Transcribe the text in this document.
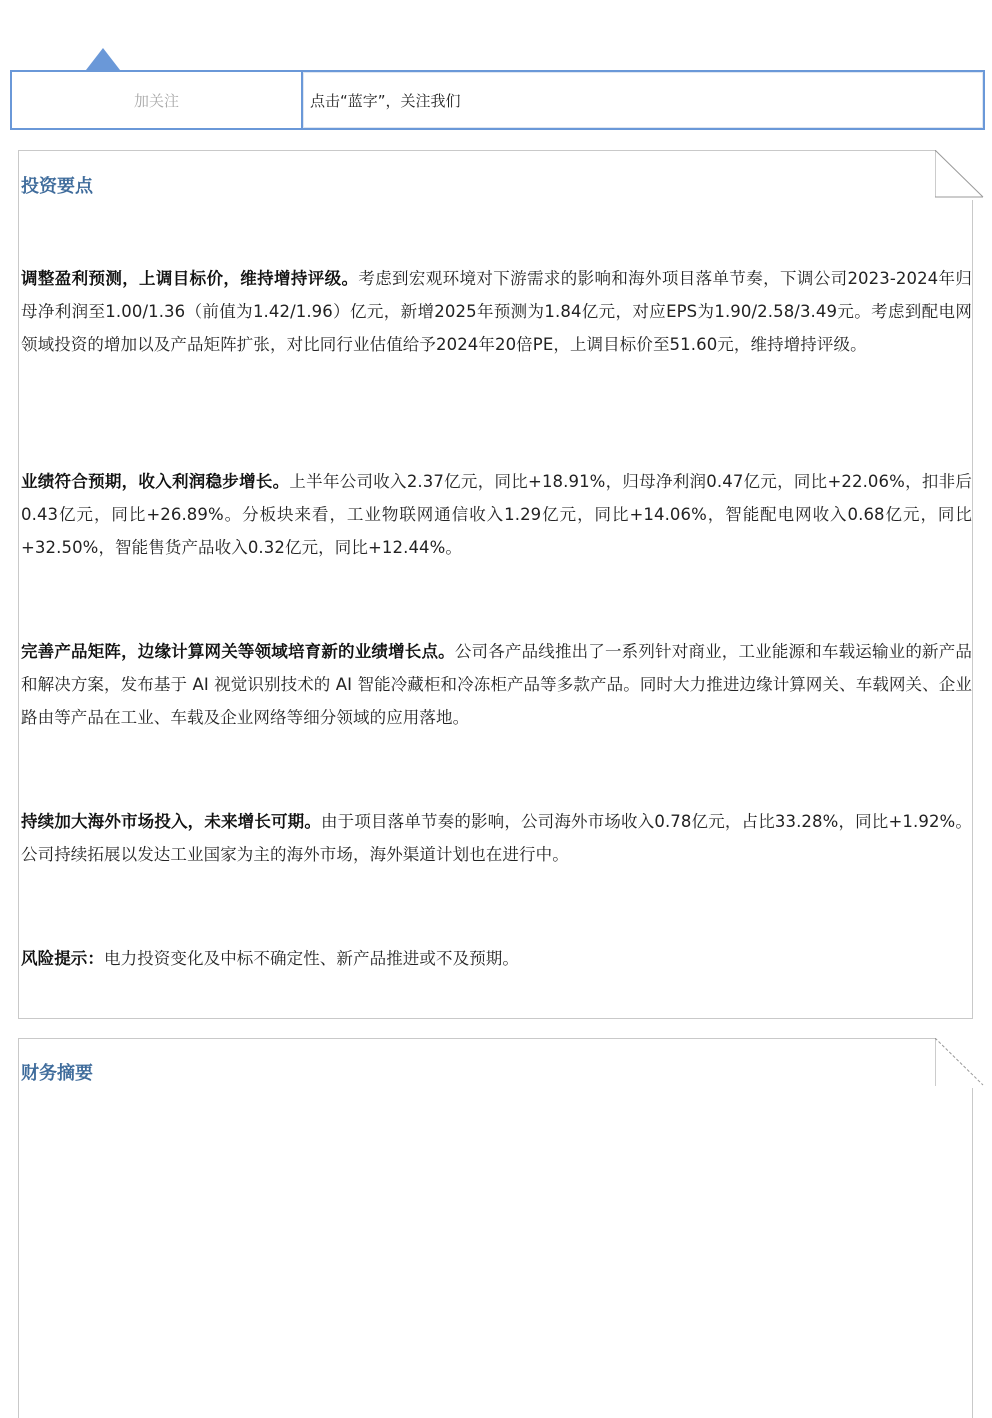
加关注	点击“蓝字”，关注我们
投资要点

调整盈利预测，上调目标价，维持增持评级。考虑到宏观环境对下游需求的影响和海外项目落单节奏，下调公司2023-2024年归母净利润至1.00/1.36（前值为1.42/1.96）亿元，新增2025年预测为1.84亿元，对应EPS为1.90/2.58/3.49元。考虑到配电网领域投资的增加以及产品矩阵扩张，对比同行业估值给予2024年20倍PE，上调目标价至51.60元，维持增持评级。

业绩符合预期，收入利润稳步增长。上半年公司收入2.37亿元，同比+18.91%，归母净利润0.47亿元，同比+22.06%，扣非后0.43亿元，同比+26.89%。分板块来看，工业物联网通信收入1.29亿元，同比+14.06%，智能配电网收入0.68亿元，同比+32.50%，智能售货产品收入0.32亿元，同比+12.44%。

完善产品矩阵，边缘计算网关等领域培育新的业绩增长点。公司各产品线推出了一系列针对商业，工业能源和车载运输业的新产品和解决方案，发布基于 AI 视觉识别技术的 AI 智能冷藏柜和冷冻柜产品等多款产品。同时大力推进边缘计算网关、车载网关、企业路由等产品在工业、车载及企业网络等细分领域的应用落地。

持续加大海外市场投入，未来增长可期。由于项目落单节奏的影响，公司海外市场收入0.78亿元，占比33.28%，同比+1.92%。公司持续拓展以发达工业国家为主的海外市场，海外渠道计划也在进行中。

风险提示：电力投资变化及中标不确定性、新产品推进或不及预期。

财务摘要
